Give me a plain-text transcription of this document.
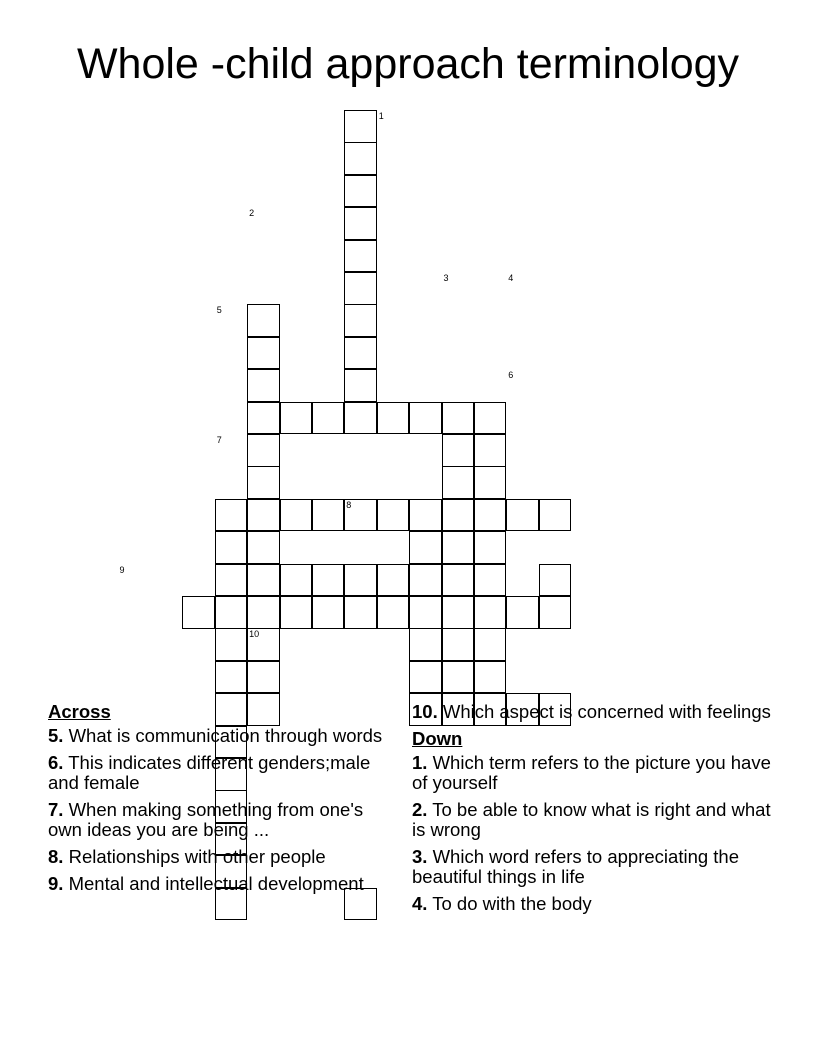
Whole -child approach terminology
1
2
3	4
5
6
7
8
9
10
Across
5. What is communication through words
6. This indicates different genders;male and female
7. When making something from one's own ideas you are being ...
8. Relationships with other people
9. Mental and intellectual development
10. Which aspect is concerned with feelings
Down
1. Which term refers to the picture you have of yourself
2. To be able to know what is right and what is wrong
3. Which word refers to appreciating the beautiful things in life
4. To do with the body
